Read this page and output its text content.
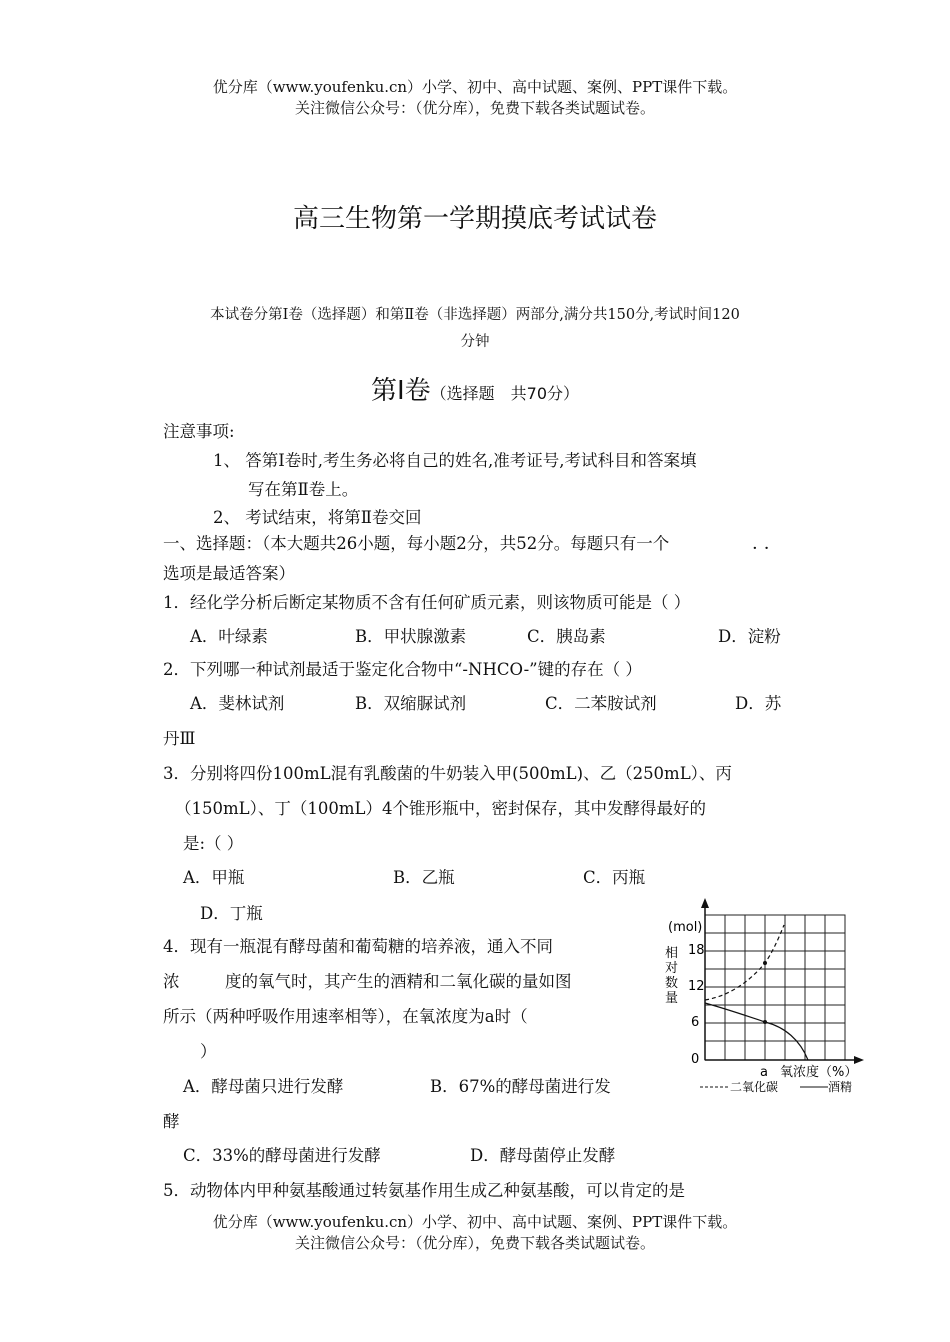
优分库（www.youfenku.cn）小学、初中、高中试题、案例、PPT课件下载。
关注微信公众号：（优分库），免费下载各类试题试卷。
高三生物第一学期摸底考试试卷
本试卷分第Ⅰ卷（选择题）和第Ⅱ卷（非选择题）两部分,满分共150分,考试时间120
分钟
第Ⅰ卷（选择题　共70分）
注意事项:
1、 答第Ⅰ卷时,考生务必将自己的姓名,准考证号,考试科目和答案填
写在第Ⅱ卷上。
2、 考试结束，将第Ⅱ卷交回
一、选择题：（本大题共26小题，每小题2分，共52分。每题只有一个	··
选项是最适答案）
1．经化学分析后断定某物质不含有任何矿质元素，则该物质可能是（ ）
A．叶绿素	B．甲状腺激素	C．胰岛素	D．淀粉
2．下列哪一种试剂最适于鉴定化合物中“-NHCO-”键的存在（ ）
A．斐林试剂	B．双缩脲试剂	C．二苯胺试剂	D．苏
丹Ⅲ
3．分别将四份100mL混有乳酸菌的牛奶装入甲(500mL)、乙（250mL）、丙
（150mL）、丁（100mL）4个锥形瓶中，密封保存，其中发酵得最好的
是:（ ）
A．甲瓶	B．乙瓶	C．丙瓶
D．丁瓶
4．现有一瓶混有酵母菌和葡萄糖的培养液，通入不同
浓	度的氧气时，其产生的酒精和二氧化碳的量如图
所示（两种呼吸作用速率相等），在氧浓度为a时（
）
A．酵母菌只进行发酵	B．67%的酵母菌进行发
酵
C．33%的酵母菌进行发酵	D．酵母菌停止发酵
5．动物体内甲种氨基酸通过转氨基作用生成乙种氨基酸，可以肯定的是
(mol)
相
对
数
量
18
12
6
0
a 氧浓度（%）
二氧化碳	酒精
优分库（www.youfenku.cn）小学、初中、高中试题、案例、PPT课件下载。
关注微信公众号：（优分库），免费下载各类试题试卷。
